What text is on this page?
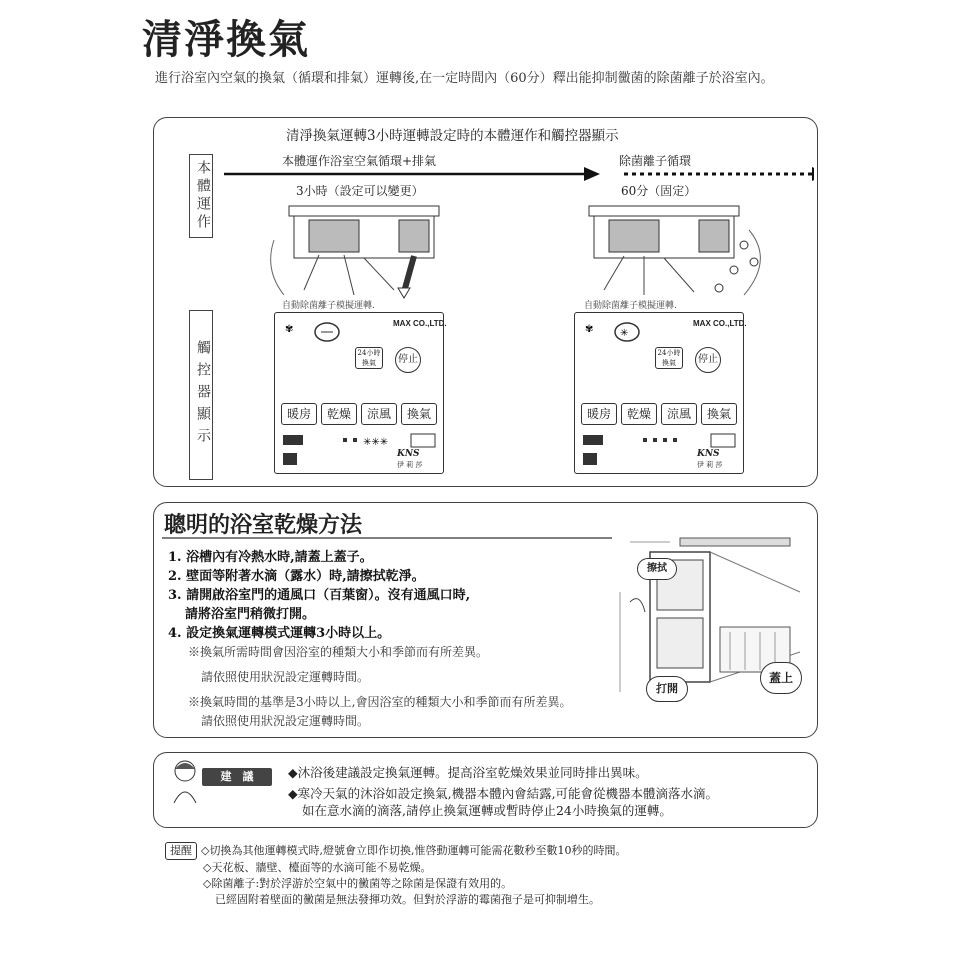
清淨換氣
進行浴室內空氣的換氣（循環和排氣）運轉後,在一定時間內（60分）釋出能抑制黴菌的除菌離子於浴室內。
清淨換氣運轉3小時運轉設定時的本體運作和觸控器顯示
本體運作
觸控器顯示
本體運作浴室空氣循環+排氣
3小時（設定可以變更）
除菌離子循環
60分（固定）
自動除菌離子模擬運轉.	自動除菌離子模擬運轉.
MAX CO.,LTD.
✾
24小時換氣	停止
暖房	乾燥	涼風	換氣
✳✳✳
KNS
伊 莉 莎
MAX CO.,LTD.
✾	✳
24小時換氣	停止
暖房	乾燥	涼風	換氣
KNS
伊 莉 莎
聰明的浴室乾燥方法
1. 浴槽內有冷熱水時,請蓋上蓋子。
2. 壁面等附著水滴（露水）時,請擦拭乾淨。
3. 請開啟浴室門的通風口（百葉窗）。沒有通風口時,
請將浴室門稍微打開。
4. 設定換氣運轉模式運轉3小時以上。
※換氣所需時間會因浴室的種類大小和季節而有所差異。
請依照使用狀況設定運轉時間。
※換氣時間的基準是3小時以上,會因浴室的種類大小和季節而有所差異。
請依照使用狀況設定運轉時間。
擦拭
打開
蓋上
建　議	◆沐浴後建議設定換氣運轉。提高浴室乾燥效果並同時排出異味。
◆寒冷天氣的沐浴如設定換氣,機器本體內會結露,可能會從機器本體滴落水滴。
如在意水滴的滴落,請停止換氣運轉或暫時停止24小時換氣的運轉。
提醒 ◇切換為其他運轉模式時,燈號會立即作切換,惟啓動運轉可能需花數秒至數10秒的時間。
◇天花板、牆壁、檯面等的水滴可能不易乾燥。
◇除菌離子:對於浮游於空氣中的黴菌等之除菌是保證有效用的。
已經固附着壁面的黴菌是無法發揮功效。但對於浮游的霉菌孢子是可抑制增生。
